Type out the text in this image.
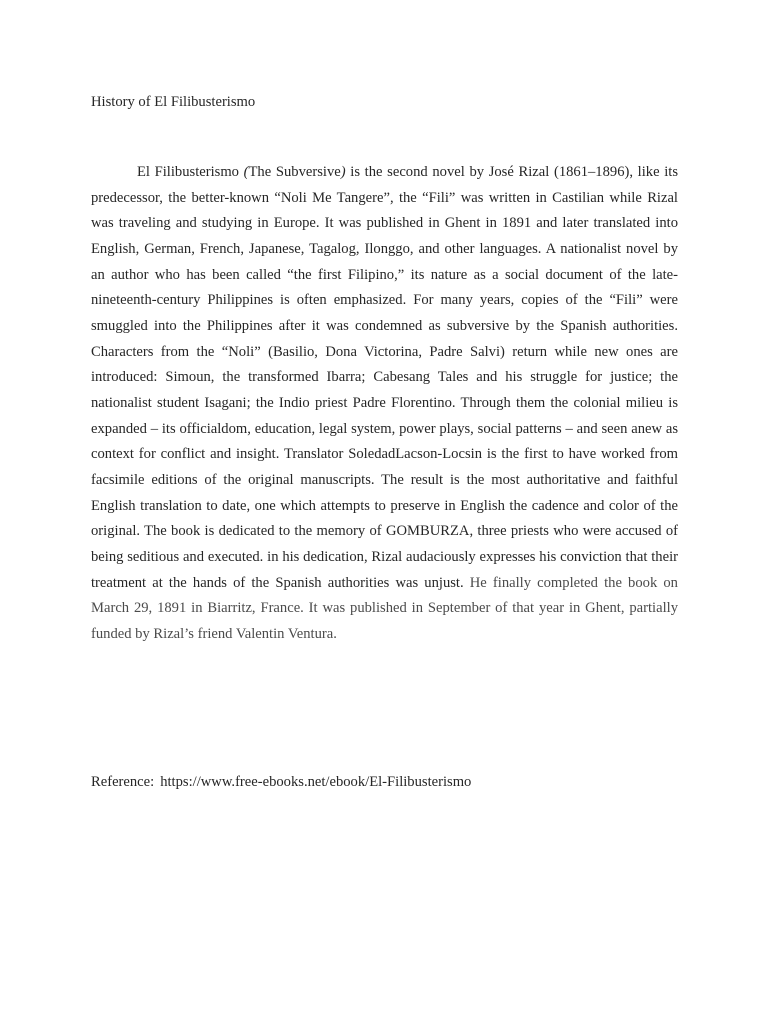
History of El Filibusterismo

El Filibusterismo (The Subversive) is the second novel by José Rizal (1861–1896), like its predecessor, the better-known “Noli Me Tangere”, the “Fili” was written in Castilian while Rizal was traveling and studying in Europe. It was published in Ghent in 1891 and later translated into English, German, French, Japanese, Tagalog, Ilonggo, and other languages. A nationalist novel by an author who has been called “the first Filipino,” its nature as a social document of the late-nineteenth-century Philippines is often emphasized. For many years, copies of the “Fili” were smuggled into the Philippines after it was condemned as subversive by the Spanish authorities. Characters from the “Noli” (Basilio, Dona Victorina, Padre Salvi) return while new ones are introduced: Simoun, the transformed Ibarra; Cabesang Tales and his struggle for justice; the nationalist student Isagani; the Indio priest Padre Florentino. Through them the colonial milieu is expanded – its officialdom, education, legal system, power plays, social patterns – and seen anew as context for conflict and insight. Translator SoledadLacson-Locsin is the first to have worked from facsimile editions of the original manuscripts. The result is the most authoritative and faithful English translation to date, one which attempts to preserve in English the cadence and color of the original. The book is dedicated to the memory of GOMBURZA, three priests who were accused of being seditious and executed. in his dedication, Rizal audaciously expresses his conviction that their treatment at the hands of the Spanish authorities was unjust. He finally completed the book on March 29, 1891 in Biarritz, France. It was published in September of that year in Ghent, partially funded by Rizal’s friend Valentin Ventura.

Reference: https://www.free-ebooks.net/ebook/El-Filibusterismo
